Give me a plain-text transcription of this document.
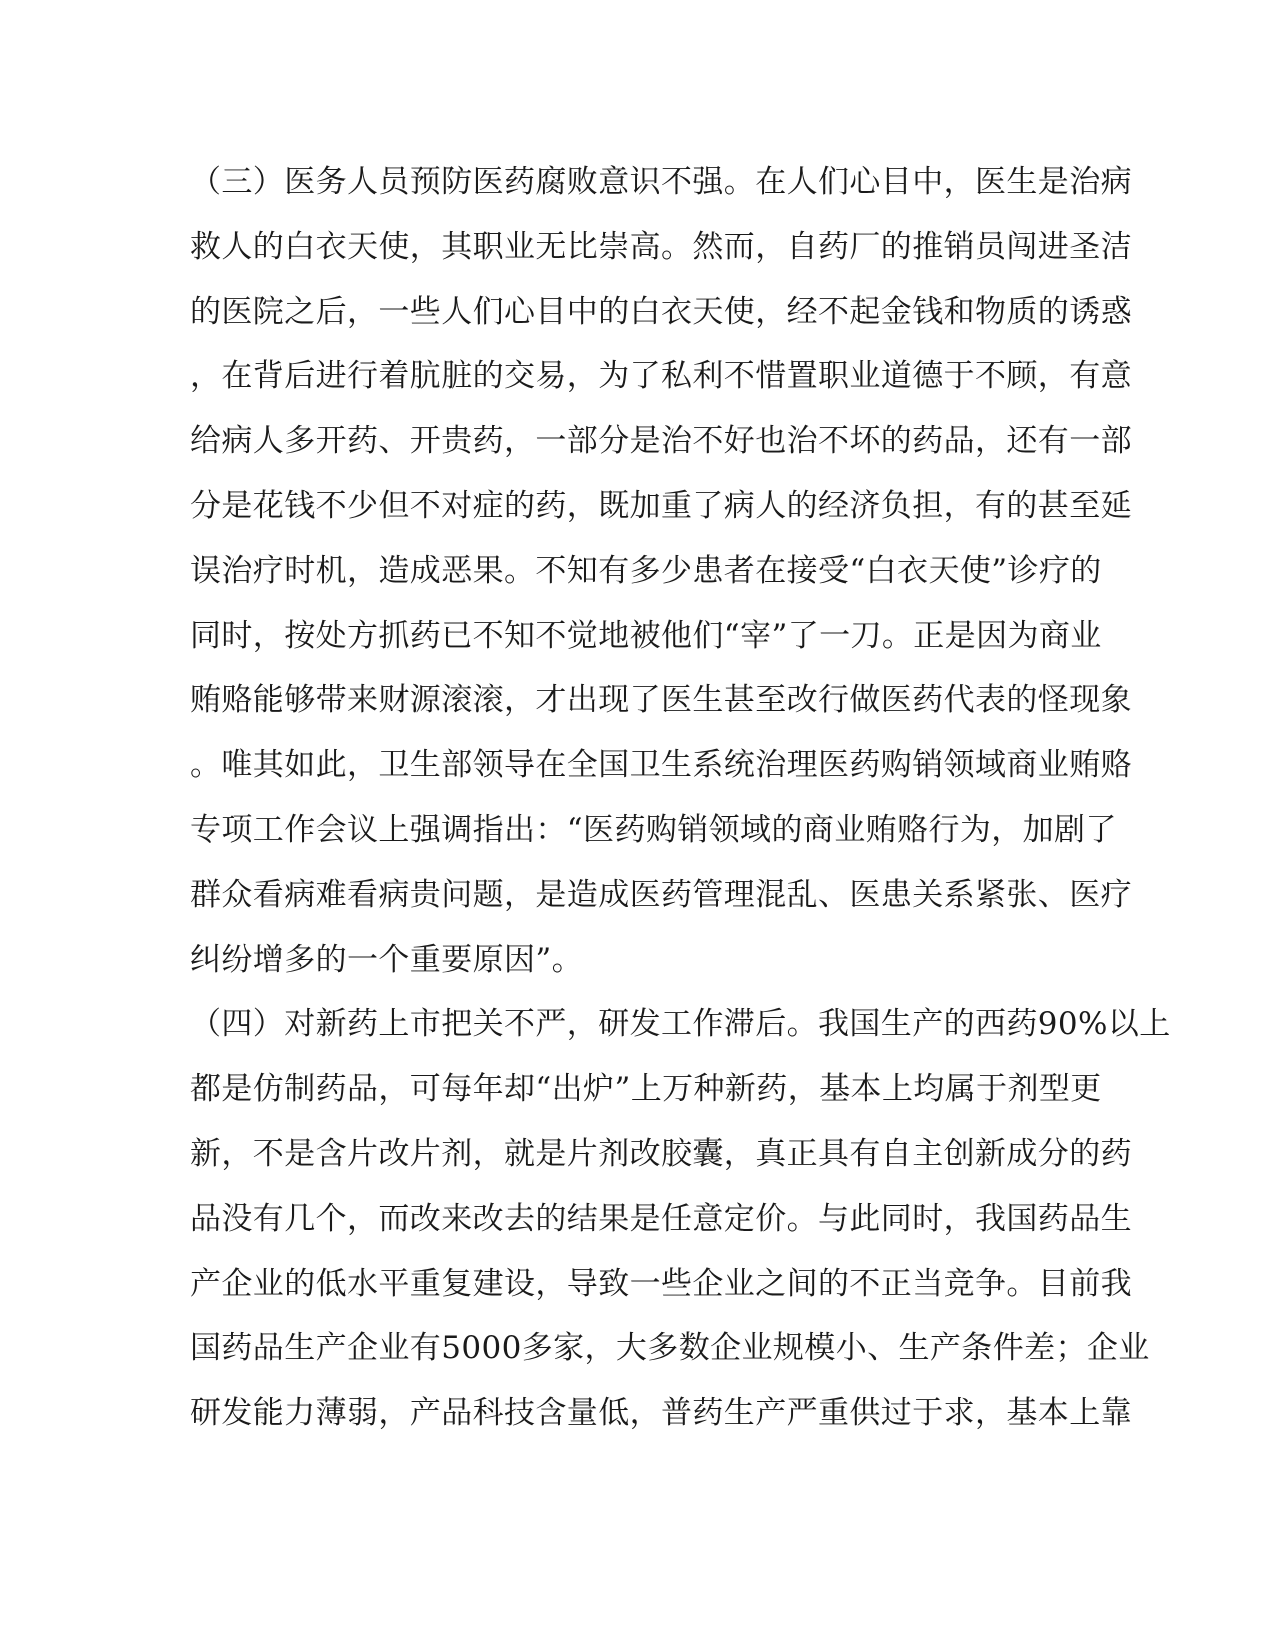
（三）医务人员预防医药腐败意识不强。在人们心目中，医生是治病
救人的白衣天使，其职业无比崇高。然而，自药厂的推销员闯进圣洁
的医院之后，一些人们心目中的白衣天使，经不起金钱和物质的诱惑
，在背后进行着肮脏的交易，为了私利不惜置职业道德于不顾，有意
给病人多开药、开贵药，一部分是治不好也治不坏的药品，还有一部
分是花钱不少但不对症的药，既加重了病人的经济负担，有的甚至延
误治疗时机，造成恶果。不知有多少患者在接受“白衣天使”诊疗的
同时，按处方抓药已不知不觉地被他们“宰”了一刀。正是因为商业
贿赂能够带来财源滚滚，才出现了医生甚至改行做医药代表的怪现象
。唯其如此，卫生部领导在全国卫生系统治理医药购销领域商业贿赂
专项工作会议上强调指出：“医药购销领域的商业贿赂行为，加剧了
群众看病难看病贵问题，是造成医药管理混乱、医患关系紧张、医疗
纠纷增多的一个重要原因”。
（四）对新药上市把关不严，研发工作滞后。我国生产的西药90%以上
都是仿制药品，可每年却“出炉”上万种新药，基本上均属于剂型更
新，不是含片改片剂，就是片剂改胶囊，真正具有自主创新成分的药
品没有几个，而改来改去的结果是任意定价。与此同时，我国药品生
产企业的低水平重复建设，导致一些企业之间的不正当竞争。目前我
国药品生产企业有5000多家，大多数企业规模小、生产条件差；企业
研发能力薄弱，产品科技含量低，普药生产严重供过于求，基本上靠
